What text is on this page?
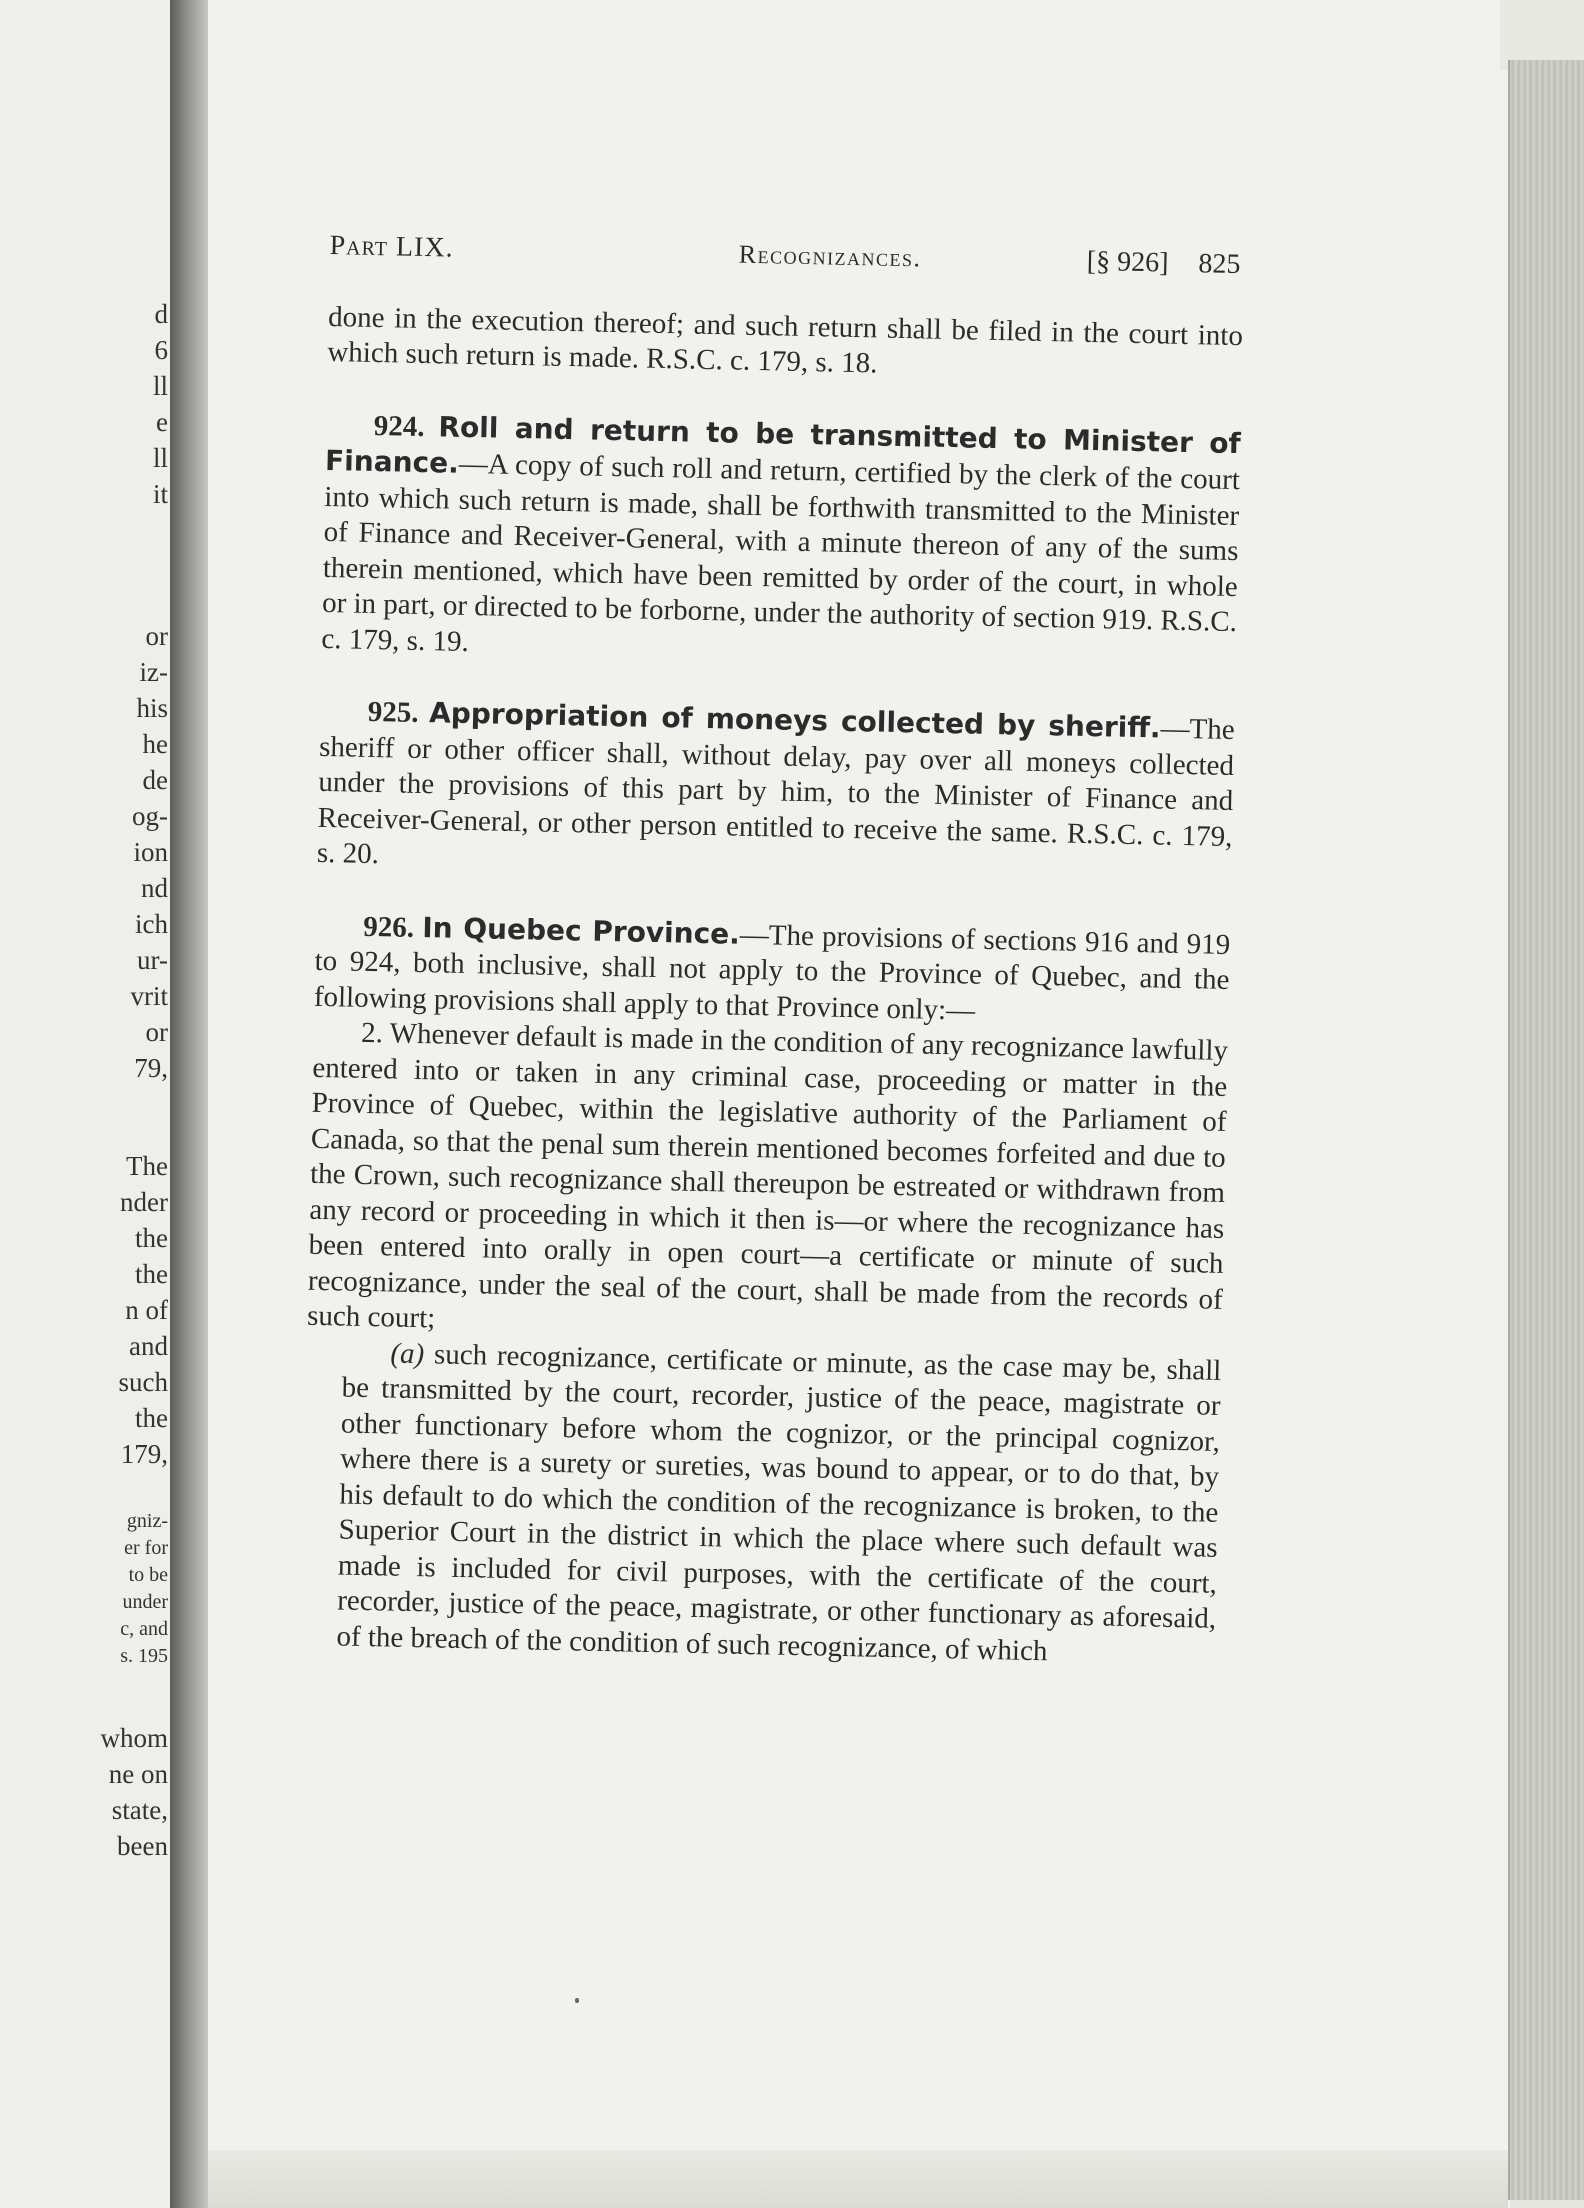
d
6
ll
e
ll
it
or
iz-
his
he
de
og-
ion
nd
ich
ur-
vrit
or
79,
The
nder
the
the
n of
and
such
the
179,
gniz-
er for
to be
under
c, and
s. 195
whom
ne on
state,
been
Part LIX.	Recognizances.	[§ 926] 825

done in the execution thereof; and such return shall be filed in the court into which such return is made. R.S.C. c. 179, s. 18.

924. Roll and return to be transmitted to Minister of Finance.—A copy of such roll and return, certified by the clerk of the court into which such return is made, shall be forthwith transmitted to the Minister of Finance and Receiver-General, with a minute thereon of any of the sums therein mentioned, which have been remitted by order of the court, in whole or in part, or directed to be forborne, under the authority of section 919. R.S.C. c. 179, s. 19.

925. Appropriation of moneys collected by sheriff.—The sheriff or other officer shall, without delay, pay over all moneys collected under the provisions of this part by him, to the Minister of Finance and Receiver-General, or other person entitled to receive the same. R.S.C. c. 179, s. 20.

926. In Quebec Province.—The provisions of sections 916 and 919 to 924, both inclusive, shall not apply to the Province of Quebec, and the following provisions shall apply to that Province only:—

2. Whenever default is made in the condition of any recognizance lawfully entered into or taken in any criminal case, proceeding or matter in the Province of Quebec, within the legislative authority of the Parliament of Canada, so that the penal sum therein mentioned becomes forfeited and due to the Crown, such recognizance shall thereupon be estreated or withdrawn from any record or proceeding in which it then is—or where the recognizance has been entered into orally in open court—a certificate or minute of such recognizance, under the seal of the court, shall be made from the records of such court;

(a) such recognizance, certificate or minute, as the case may be, shall be transmitted by the court, recorder, justice of the peace, magistrate or other functionary before whom the cognizor, or the principal cognizor, where there is a surety or sureties, was bound to appear, or to do that, by his default to do which the condition of the recognizance is broken, to the Superior Court in the district in which the place where such default was made is included for civil purposes, with the certificate of the court, recorder, justice of the peace, magistrate, or other functionary as aforesaid, of the breach of the condition of such recognizance, of which
